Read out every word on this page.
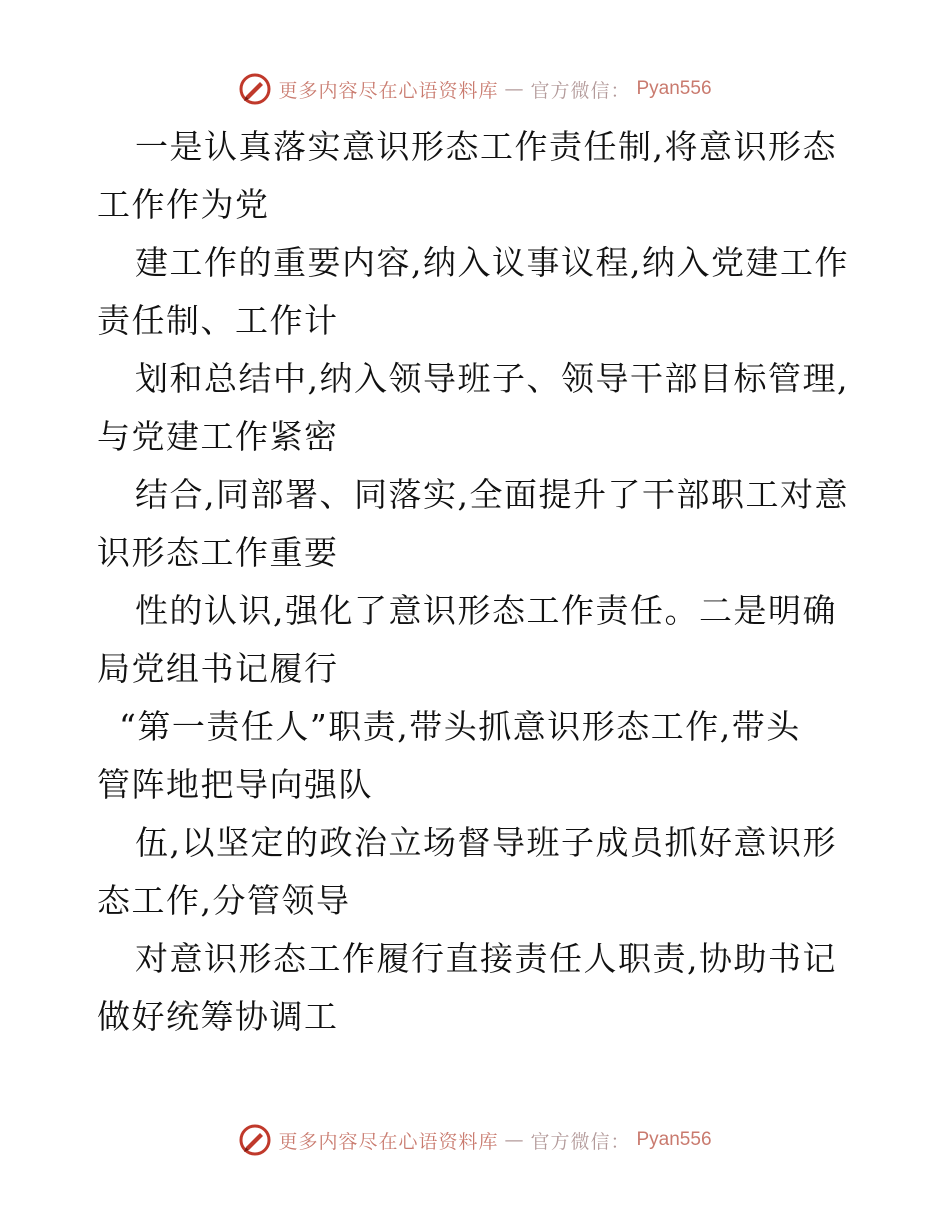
更多内容尽在心语资料库 — 官方微信： Pyan556
一是认真落实意识形态工作责任制,将意识形态
工作作为党
建工作的重要内容,纳入议事议程,纳入党建工作
责任制、工作计
划和总结中,纳入领导班子、领导干部目标管理,
与党建工作紧密
结合,同部署、同落实,全面提升了干部职工对意
识形态工作重要
性的认识,强化了意识形态工作责任。二是明确
局党组书记履行
“第一责任人”职责,带头抓意识形态工作,带头
管阵地把导向强队
伍,以坚定的政治立场督导班子成员抓好意识形
态工作,分管领导
对意识形态工作履行直接责任人职责,协助书记
做好统筹协调工
更多内容尽在心语资料库 — 官方微信： Pyan556
